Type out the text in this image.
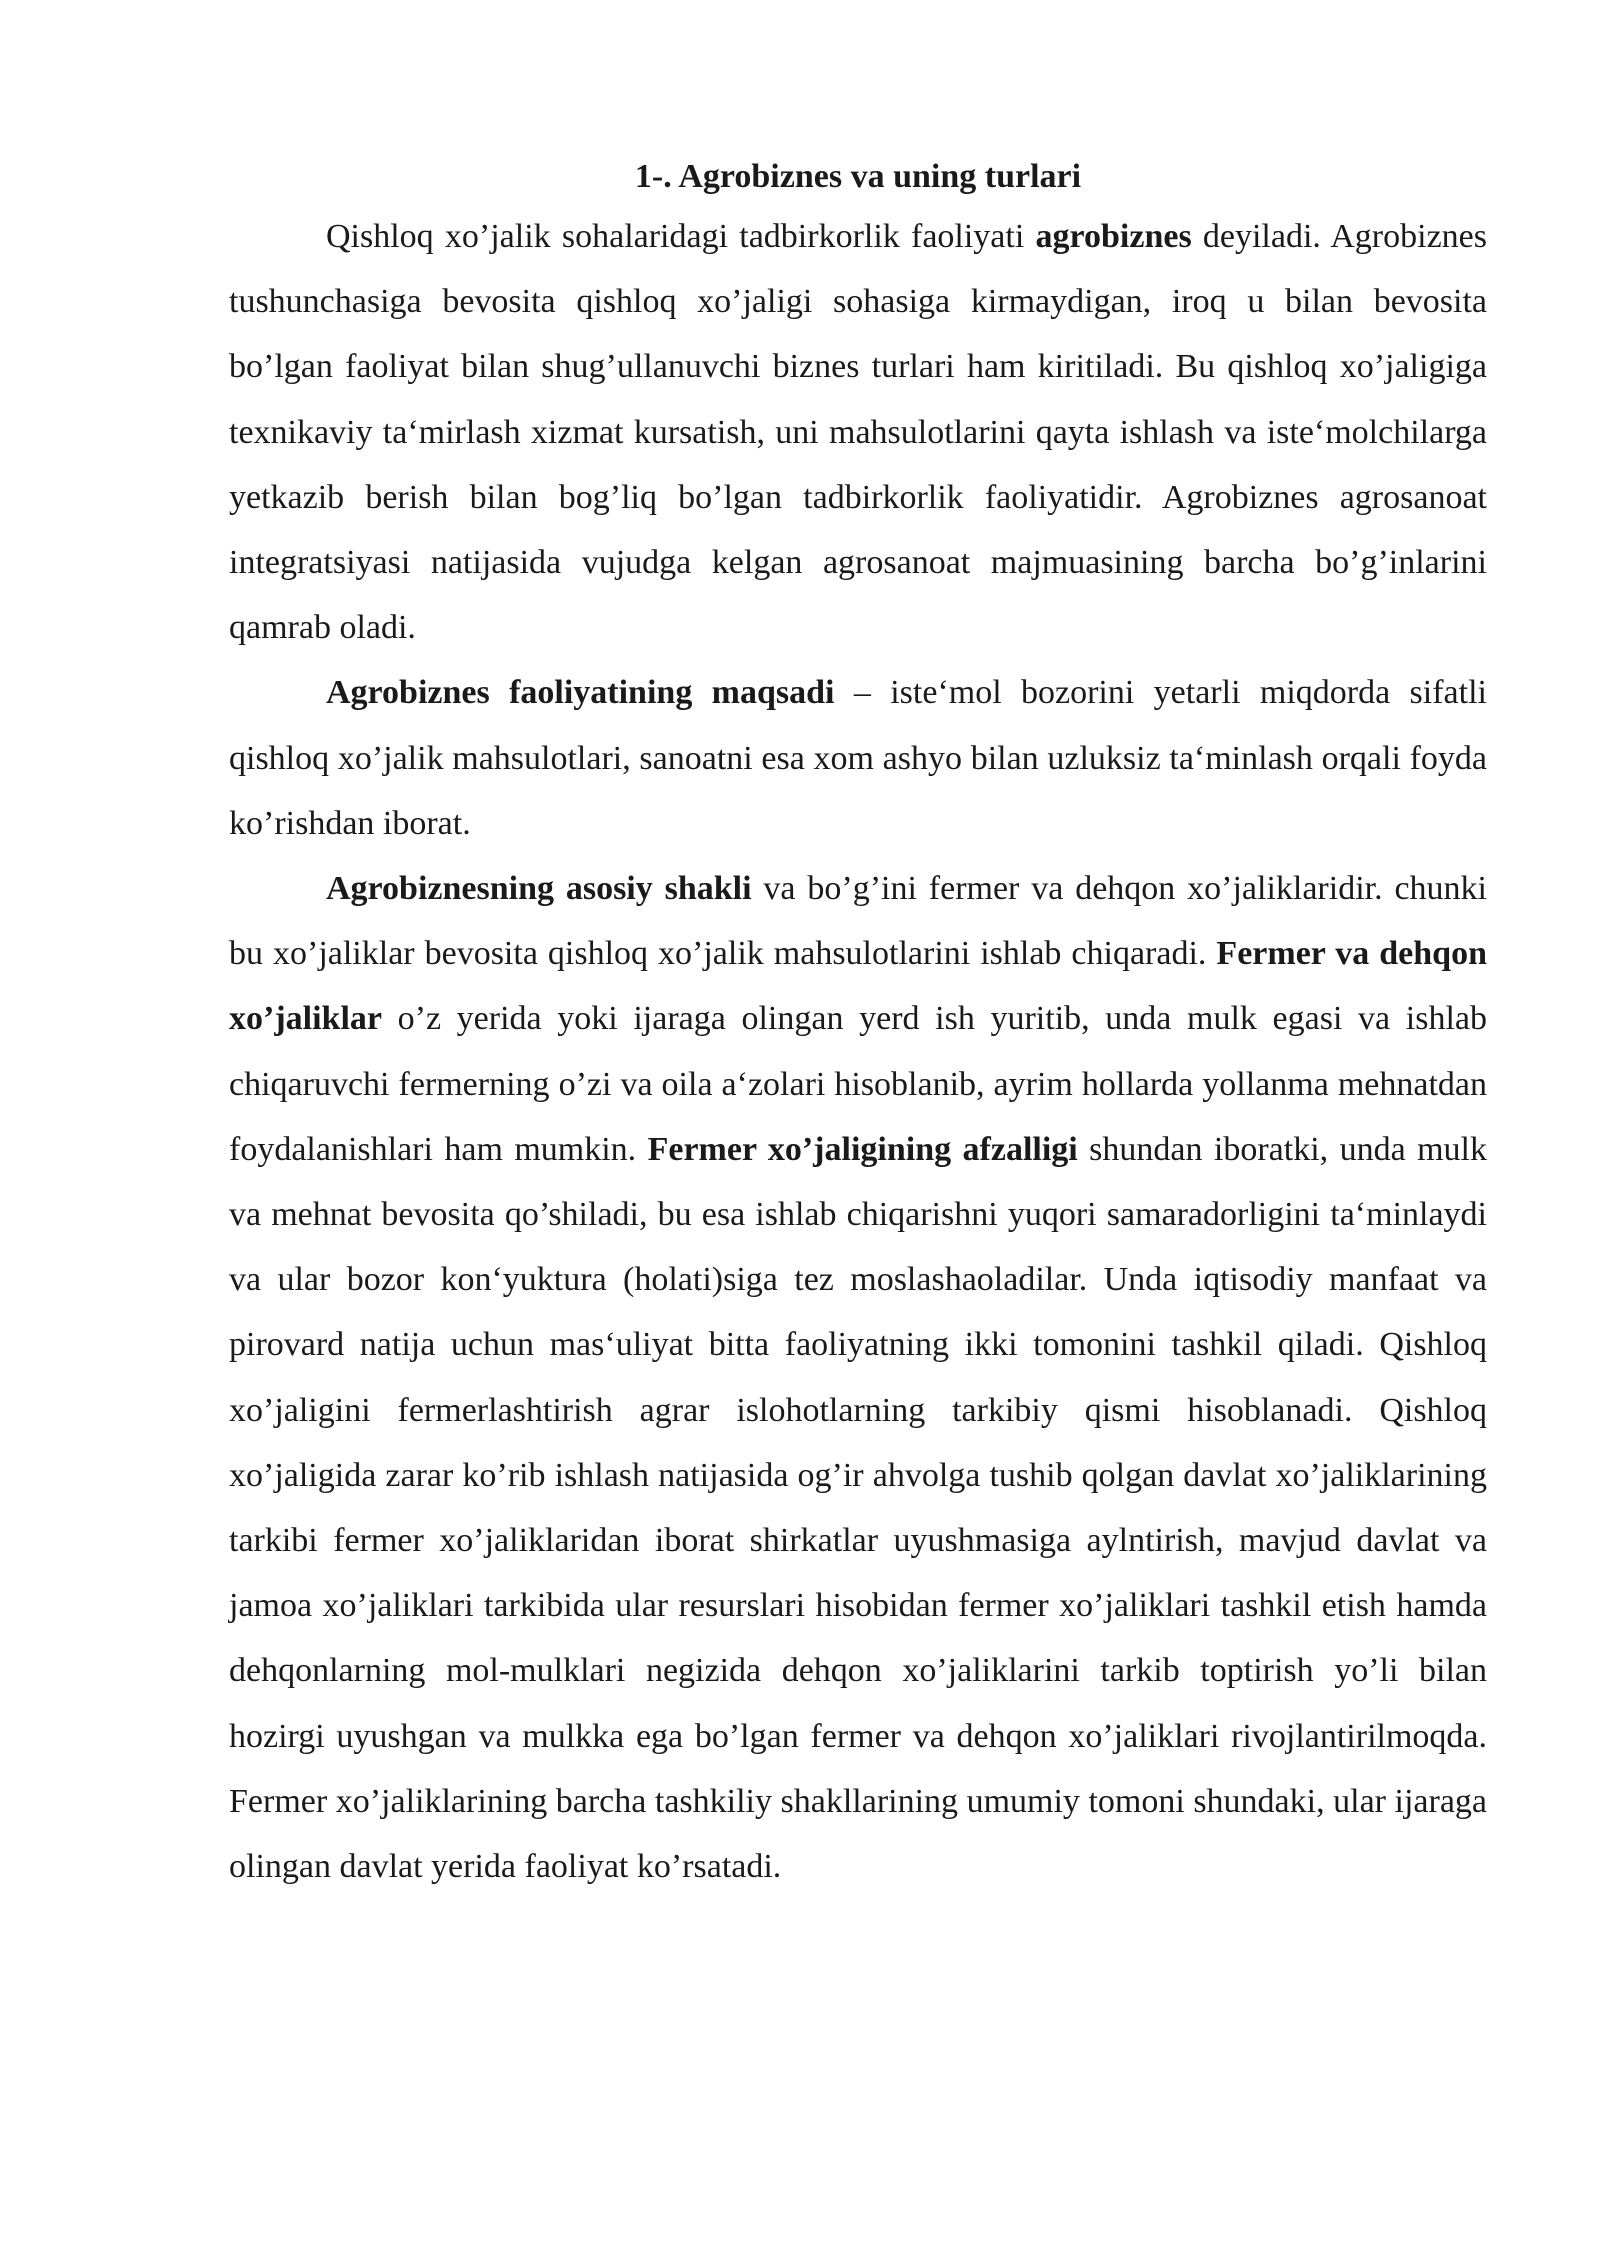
1-. Agrobiznes va uning turlari

Qishloq xo’jalik sohalaridagi tadbirkorlik faoliyati agrobiznes deyiladi. Agrobiznes tushunchasiga bevosita qishloq xo’jaligi sohasiga kirmaydigan, iroq u bilan bevosita bo’lgan faoliyat bilan shug’ullanuvchi biznes turlari ham kiritiladi. Bu qishloq xo’jaligiga texnikaviy ta‘mirlash xizmat kursatish, uni mahsulotlarini qayta ishlash va iste‘molchilarga yetkazib berish bilan bog’liq bo’lgan tadbirkorlik faoliyatidir. Agrobiznes agrosanoat integratsiyasi natijasida vujudga kelgan agrosanoat majmuasining barcha bo’g’inlarini qamrab oladi.

Agrobiznes faoliyatining maqsadi – iste‘mol bozorini yetarli miqdorda sifatli qishloq xo’jalik mahsulotlari, sanoatni esa xom ashyo bilan uzluksiz ta‘minlash orqali foyda ko’rishdan iborat.

Agrobiznesning asosiy shakli va bo’g’ini fermer va dehqon xo’jaliklaridir. chunki bu xo’jaliklar bevosita qishloq xo’jalik mahsulotlarini ishlab chiqaradi. Fermer va dehqon xo’jaliklar o’z yerida yoki ijaraga olingan yerd ish yuritib, unda mulk egasi va ishlab chiqaruvchi fermerning o’zi va oila a‘zolari hisoblanib, ayrim hollarda yollanma mehnatdan foydalanishlari ham mumkin. Fermer xo’jaligining afzalligi shundan iboratki, unda mulk va mehnat bevosita qo’shiladi, bu esa ishlab chiqarishni yuqori samaradorligini ta‘minlaydi va ular bozor kon‘yuktura (holati)siga tez moslashaoladilar. Unda iqtisodiy manfaat va pirovard natija uchun mas‘uliyat bitta faoliyatning ikki tomonini tashkil qiladi. Qishloq xo’jaligini fermerlashtirish agrar islohotlarning tarkibiy qismi hisoblanadi. Qishloq xo’jaligida zarar ko’rib ishlash natijasida og’ir ahvolga tushib qolgan davlat xo’jaliklarining tarkibi fermer xo’jaliklaridan iborat shirkatlar uyushmasiga aylntirish, mavjud davlat va jamoa xo’jaliklari tarkibida ular resurslari hisobidan fermer xo’jaliklari tashkil etish hamda dehqonlarning mol-mulklari negizida dehqon xo’jaliklarini tarkib toptirish yo’li bilan hozirgi uyushgan va mulkka ega bo’lgan fermer va dehqon xo’jaliklari rivojlantirilmoqda. Fermer xo’jaliklarining barcha tashkiliy shakllarining umumiy tomoni shundaki, ular ijaraga olingan davlat yerida faoliyat ko’rsatadi.
